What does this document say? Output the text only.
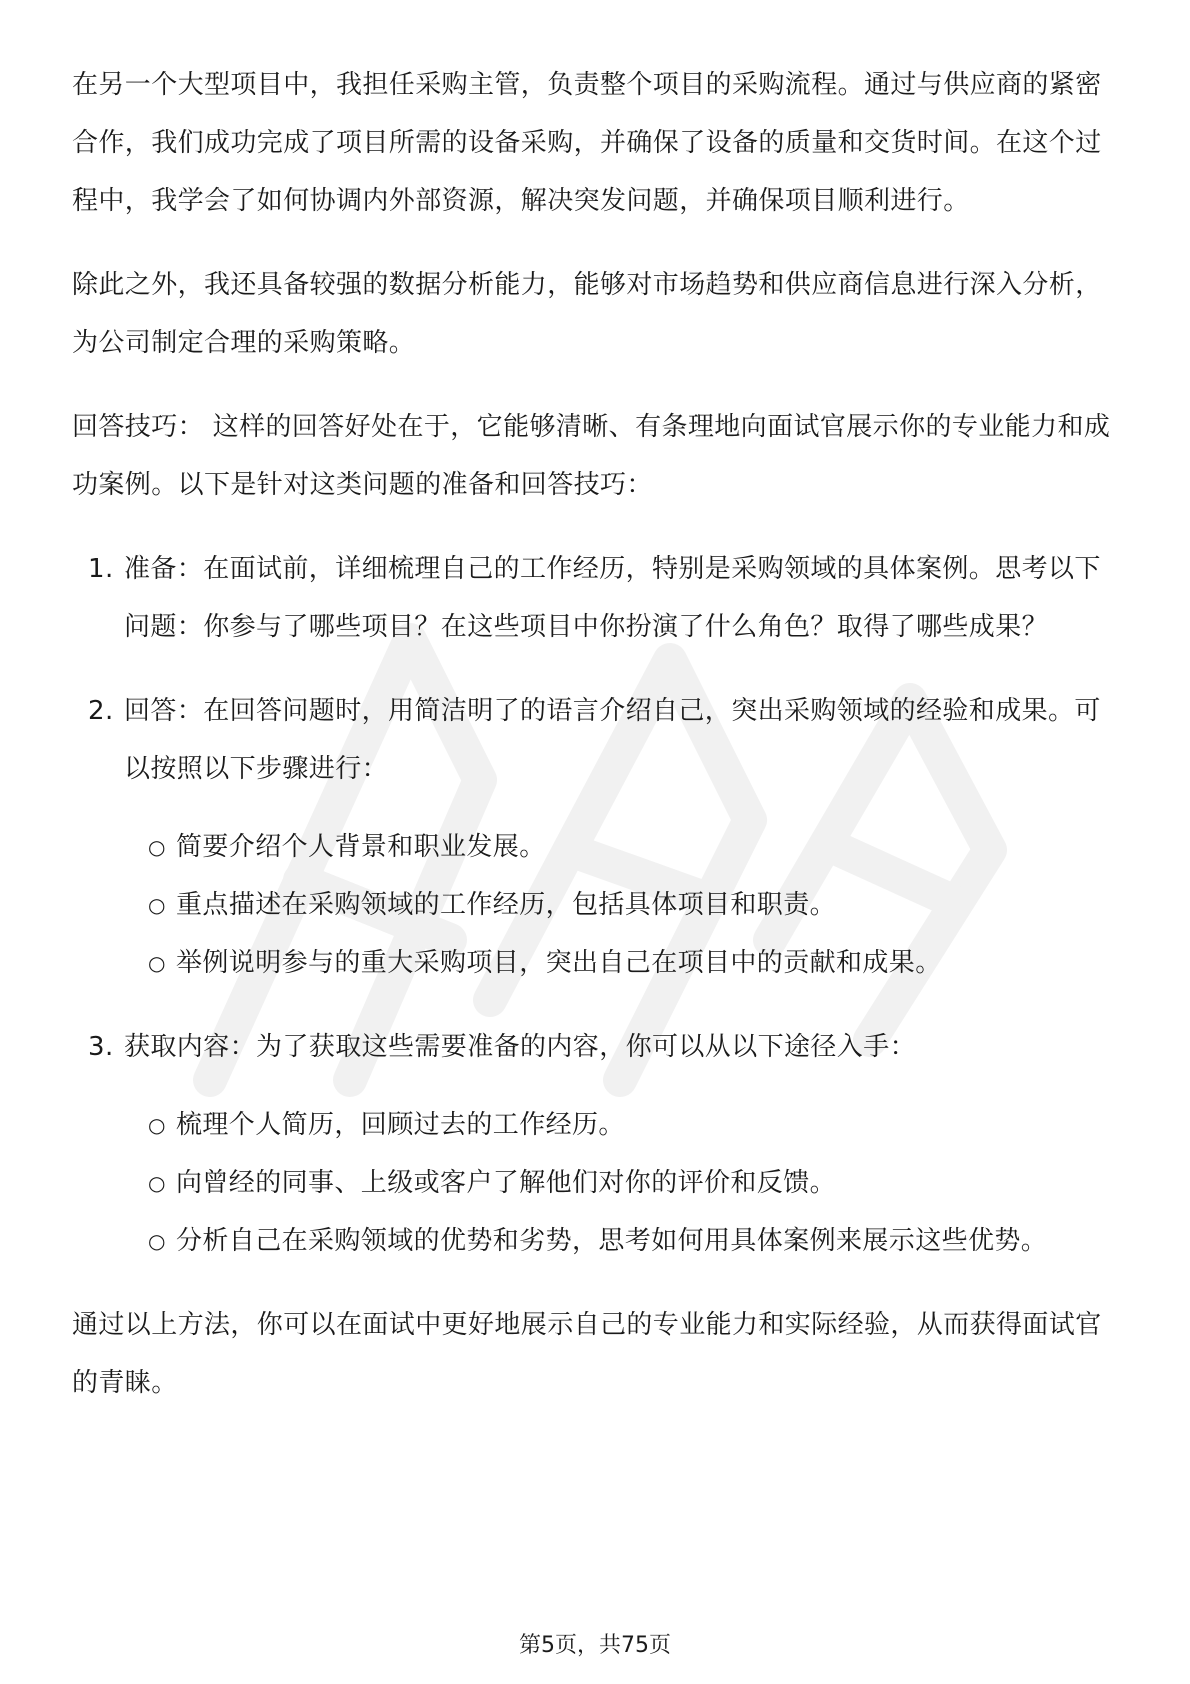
在另一个大型项目中，我担任采购主管，负责整个项目的采购流程。通过与供应商的紧密合作，我们成功完成了项目所需的设备采购，并确保了设备的质量和交货时间。在这个过程中，我学会了如何协调内外部资源，解决突发问题，并确保项目顺利进行。

除此之外，我还具备较强的数据分析能力，能够对市场趋势和供应商信息进行深入分析，为公司制定合理的采购策略。

回答技巧： 这样的回答好处在于，它能够清晰、有条理地向面试官展示你的专业能力和成功案例。以下是针对这类问题的准备和回答技巧：

1. 准备：在面试前，详细梳理自己的工作经历，特别是采购领域的具体案例。思考以下问题：你参与了哪些项目？在这些项目中你扮演了什么角色？取得了哪些成果？
2. 回答：在回答问题时，用简洁明了的语言介绍自己，突出采购领域的经验和成果。可以按照以下步骤进行：
○ 简要介绍个人背景和职业发展。
○ 重点描述在采购领域的工作经历，包括具体项目和职责。
○ 举例说明参与的重大采购项目，突出自己在项目中的贡献和成果。
3. 获取内容：为了获取这些需要准备的内容，你可以从以下途径入手：
○ 梳理个人简历，回顾过去的工作经历。
○ 向曾经的同事、上级或客户了解他们对你的评价和反馈。
○ 分析自己在采购领域的优势和劣势，思考如何用具体案例来展示这些优势。

通过以上方法，你可以在面试中更好地展示自己的专业能力和实际经验，从而获得面试官的青睐。

第5页，共75页
